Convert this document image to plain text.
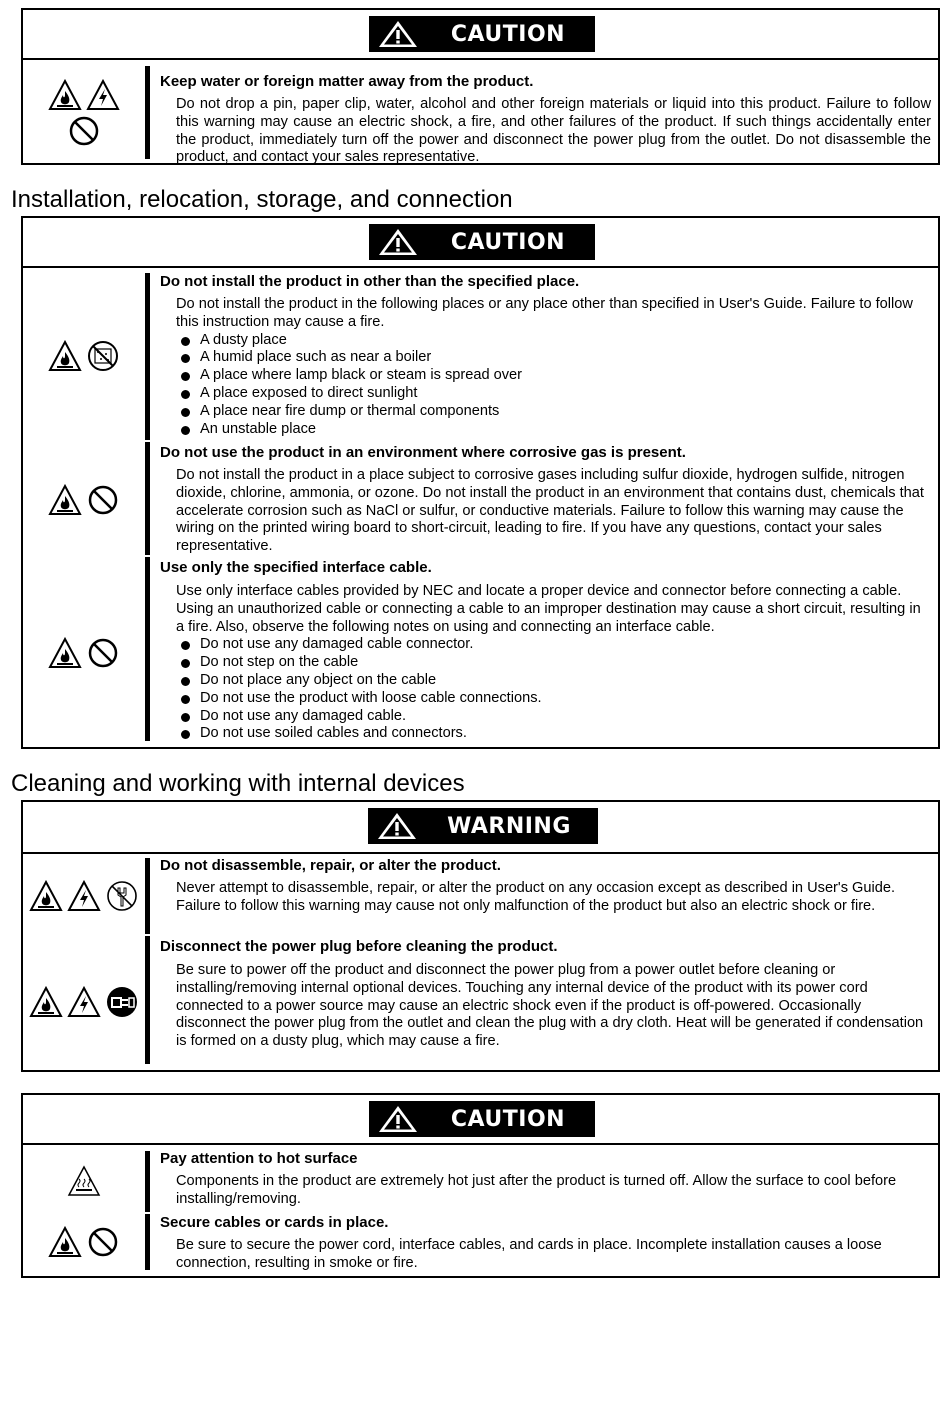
CAUTION
Keep water or foreign matter away from the product.

Do not drop a pin, paper clip, water, alcohol and other foreign materials or liquid into this product. Failure to follow this warning may cause an electric shock, a fire, and other failures of the product. If such things accidentally enter the product, immediately turn off the power and disconnect the power plug from the outlet. Do not disassemble the product, and contact your sales representative.

Installation, relocation, storage, and connection
CAUTION
Do not install the product in other than the specified place.

Do not install the product in the following places or any place other than specified in User's Guide. Failure to follow this instruction may cause a fire.

A dusty place
A humid place such as near a boiler
A place where lamp black or steam is spread over
A place exposed to direct sunlight
A place near fire dump or thermal components
An unstable place
Do not use the product in an environment where corrosive gas is present.

Do not install the product in a place subject to corrosive gases including sulfur dioxide, hydrogen sulfide, nitrogen dioxide, chlorine, ammonia, or ozone. Do not install the product in an environment that contains dust, chemicals that accelerate corrosion such as NaCl or sulfur, or conductive materials. Failure to follow this warning may cause the wiring on the printed wiring board to short-circuit, leading to fire. If you have any questions, contact your sales representative.

Use only the specified interface cable.

Use only interface cables provided by NEC and locate a proper device and connector before connecting a cable. Using an unauthorized cable or connecting a cable to an improper destination may cause a short circuit, resulting in a fire. Also, observe the following notes on using and connecting an interface cable.

Do not use any damaged cable connector.
Do not step on the cable
Do not place any object on the cable
Do not use the product with loose cable connections.
Do not use any damaged cable.
Do not use soiled cables and connectors.
Cleaning and working with internal devices
WARNING
Do not disassemble, repair, or alter the product.

Never attempt to disassemble, repair, or alter the product on any occasion except as described in User's Guide. Failure to follow this warning may cause not only malfunction of the product but also an electric shock or fire.

Disconnect the power plug before cleaning the product.

Be sure to power off the product and disconnect the power plug from a power outlet before cleaning or installing/removing internal optional devices. Touching any internal device of the product with its power cord connected to a power source may cause an electric shock even if the product is off-powered. Occasionally disconnect the power plug from the outlet and clean the plug with a dry cloth. Heat will be generated if condensation is formed on a dusty plug, which may cause a fire.

CAUTION
Pay attention to hot surface

Components in the product are extremely hot just after the product is turned off. Allow the surface to cool before installing/removing.

Secure cables or cards in place.

Be sure to secure the power cord, interface cables, and cards in place. Incomplete installation causes a loose connection, resulting in smoke or fire.
